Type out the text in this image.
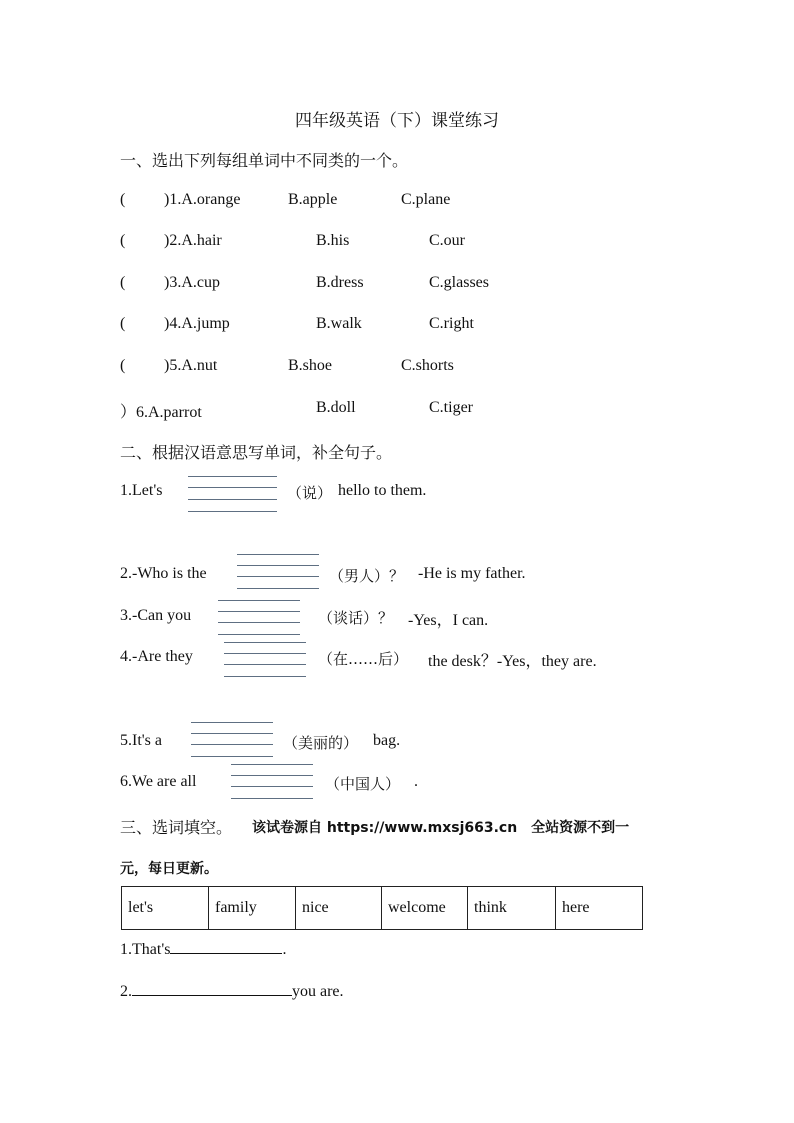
四年级英语（下）课堂练习
一、选出下列每组单词中不同类的一个。
( )1.A.orange	B.apple	C.plane
( )2.A.hair	B.his	C.our
( )3.A.cup	B.dress	C.glasses
( )4.A.jump	B.walk	C.right
( )5.A.nut	B.shoe	C.shorts
）6.A.parrot	B.doll	C.tiger
二、根据汉语意思写单词，补全句子。
1.Let's	（说） hello to them.
2.-Who is the	（男人）？ -He is my father.
3.-Can you	（谈话）？ -Yes，I can.
4.-Are they	（在……后） the desk？-Yes，they are.
5.It's a	（美丽的） bag.
6.We are all	（中国人） .
三、选词填空。 该试卷源自 https://www.mxsj663.cn　全站资源不到一
元，每日更新。
let's	family	nice	welcome	think	here
1.That's	.
2.	you are.
